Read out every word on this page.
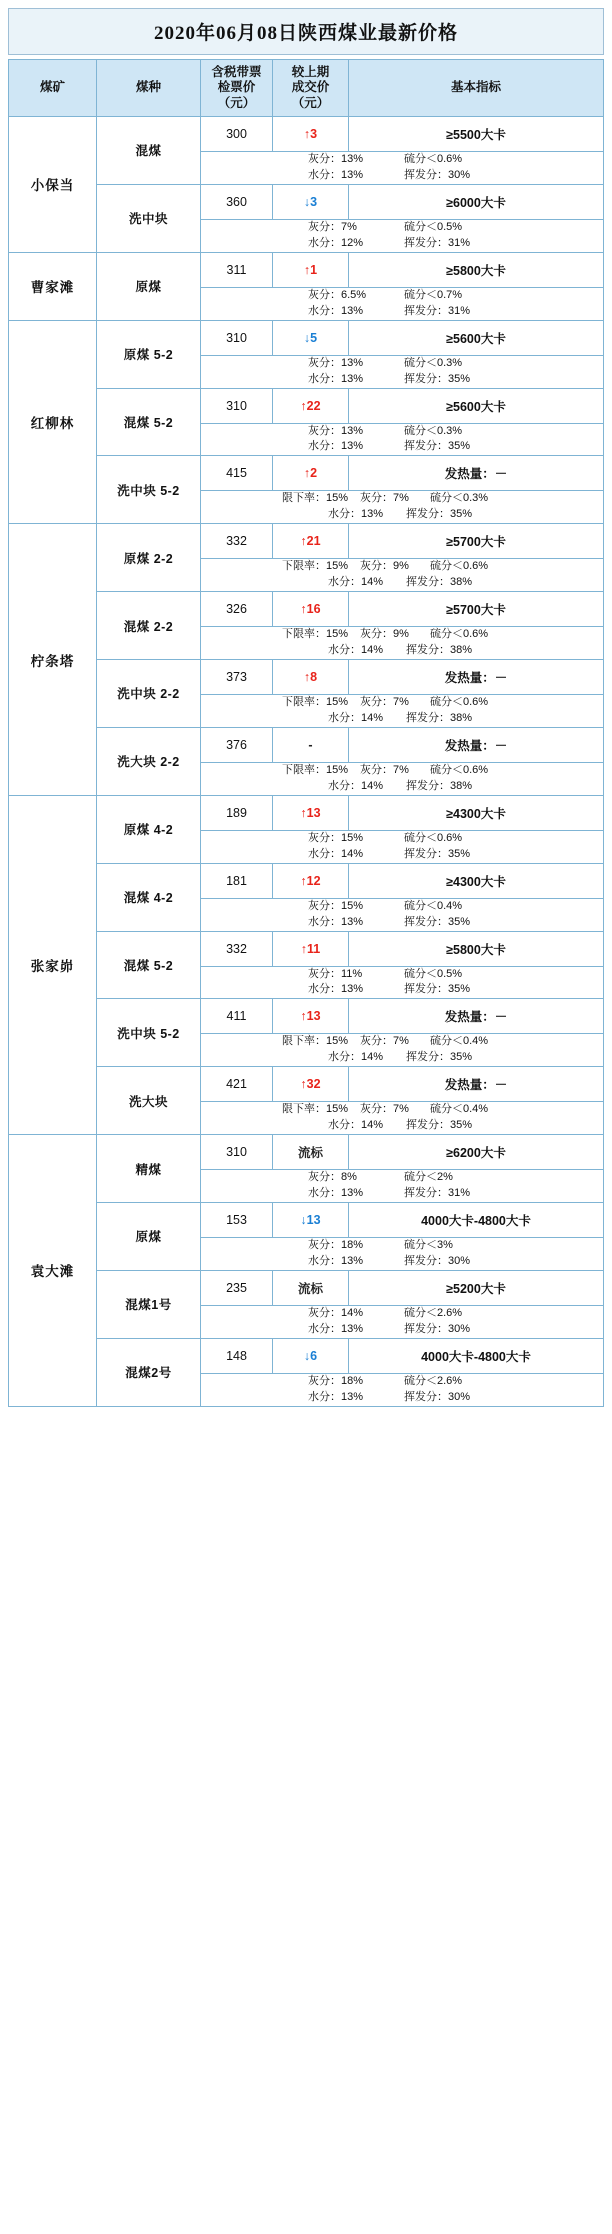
2020年06月08日陕西煤业最新价格
煤矿	煤种	含税带票
检票价
（元）	较上期
成交价
（元）	基本指标
小保当	混煤	300	↑3	≥5500大卡

		灰分：13% 硫分＜0.6%
水分：13% 挥发分：30%		

	洗中块	360	↓3	≥6000大卡

		灰分：7% 硫分＜0.5%
水分：12% 挥发分：31%		

曹家滩	原煤	311	↑1	≥5800大卡

		灰分：6.5% 硫分＜0.7%
水分：13% 挥发分：31%		

红柳林	原煤 5-2	310	↓5	≥5600大卡

		灰分：13% 硫分＜0.3%
水分：13% 挥发分：35%		

	混煤 5-2	310	↑22	≥5600大卡

		灰分：13% 硫分＜0.3%
水分：13% 挥发分：35%		

	洗中块 5-2	415	↑2	发热量：－

		限下率：15% 灰分：7% 硫分＜0.3%
水分：13% 挥发分：35%		

柠条塔	原煤 2-2	332	↑21	≥5700大卡

		下限率：15% 灰分：9% 硫分＜0.6%
水分：14% 挥发分：38%		

	混煤 2-2	326	↑16	≥5700大卡

		下限率：15% 灰分：9% 硫分＜0.6%
水分：14% 挥发分：38%		

	洗中块 2-2	373	↑8	发热量：－

		下限率：15% 灰分：7% 硫分＜0.6%
水分：14% 挥发分：38%		

	洗大块 2-2	376	-	发热量：－

		下限率：15% 灰分：7% 硫分＜0.6%
水分：14% 挥发分：38%		

张家峁	原煤 4-2	189	↑13	≥4300大卡

		灰分：15% 硫分＜0.6%
水分：14% 挥发分：35%		

	混煤 4-2	181	↑12	≥4300大卡

		灰分：15% 硫分＜0.4%
水分：13% 挥发分：35%		

	混煤 5-2	332	↑11	≥5800大卡

		灰分：11% 硫分＜0.5%
水分：13% 挥发分：35%		

	洗中块 5-2	411	↑13	发热量：－

		限下率：15% 灰分：7% 硫分＜0.4%
水分：14% 挥发分：35%		

	洗大块	421	↑32	发热量：－

		限下率：15% 灰分：7% 硫分＜0.4%
水分：14% 挥发分：35%		

袁大滩	精煤	310	流标	≥6200大卡

		灰分：8% 硫分＜2%
水分：13% 挥发分：31%		

	原煤	153	↓13	4000大卡-4800大卡

		灰分：18% 硫分＜3%
水分：13% 挥发分：30%		

	混煤1号	235	流标	≥5200大卡

		灰分：14% 硫分＜2.6%
水分：13% 挥发分：30%		

	混煤2号	148	↓6	4000大卡-4800大卡

		灰分：18% 硫分＜2.6%
水分：13% 挥发分：30%		
